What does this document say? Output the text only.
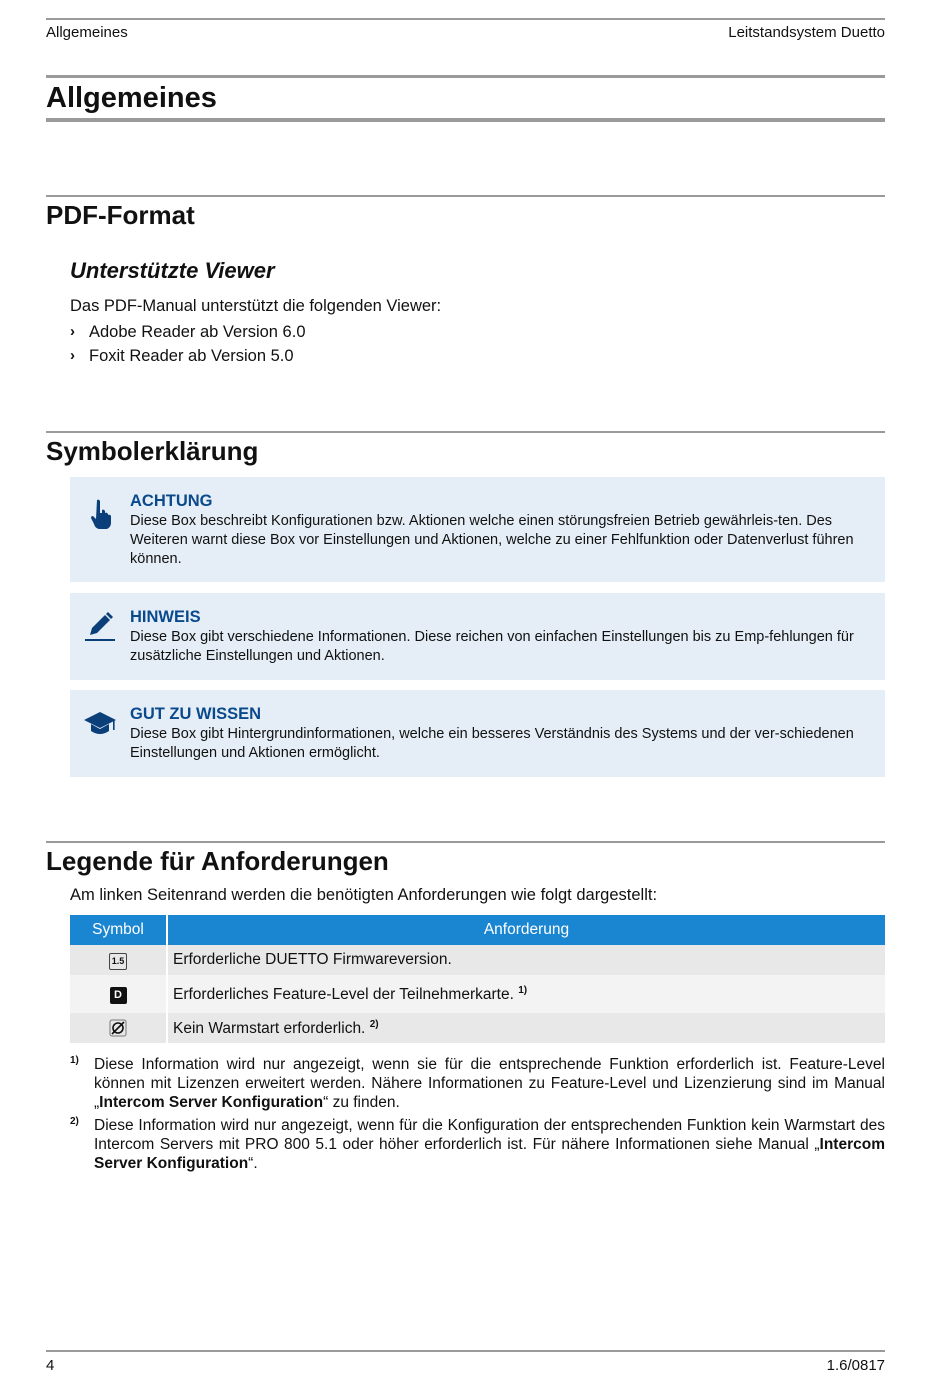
Allgemeines	Leitstandsystem Duetto
Allgemeines
PDF-Format
Unterstützte Viewer
Das PDF-Manual unterstützt die folgenden Viewer:
› Adobe Reader ab Version 6.0
› Foxit Reader ab Version 5.0
Symbolerklärung
ACHTUNG
Diese Box beschreibt Konfigurationen bzw. Aktionen welche einen störungsfreien Betrieb gewährleis-ten. Des Weiteren warnt diese Box vor Einstellungen und Aktionen, welche zu einer Fehlfunktion oder Datenverlust führen können.
HINWEIS
Diese Box gibt verschiedene Informationen. Diese reichen von einfachen Einstellungen bis zu Emp-fehlungen für zusätzliche Einstellungen und Aktionen.
GUT ZU WISSEN
Diese Box gibt Hintergrundinformationen, welche ein besseres Verständnis des Systems und der ver-schiedenen Einstellungen und Aktionen ermöglicht.
Legende für Anforderungen
Am linken Seitenrand werden die benötigten Anforderungen wie folgt dargestellt:
Symbol	Anforderung
1.5	Erforderliche DUETTO Firmwareversion.
D	Erforderliches Feature-Level der Teilnehmerkarte. $^{1)}$
	Kein Warmstart erforderlich. $^{2)}$
1) Diese Information wird nur angezeigt, wenn sie für die entsprechende Funktion erforderlich ist. Feature-Level können mit Lizenzen erweitert werden. Nähere Informationen zu Feature-Level und Lizenzierung sind im Manual „Intercom Server Konfiguration“ zu finden.
2) Diese Information wird nur angezeigt, wenn für die Konfiguration der entsprechenden Funktion kein Warmstart des Intercom Servers mit PRO 800 5.1 oder höher erforderlich ist. Für nähere Informationen siehe Manual „Intercom Server Konfiguration“.
4	1.6/0817
